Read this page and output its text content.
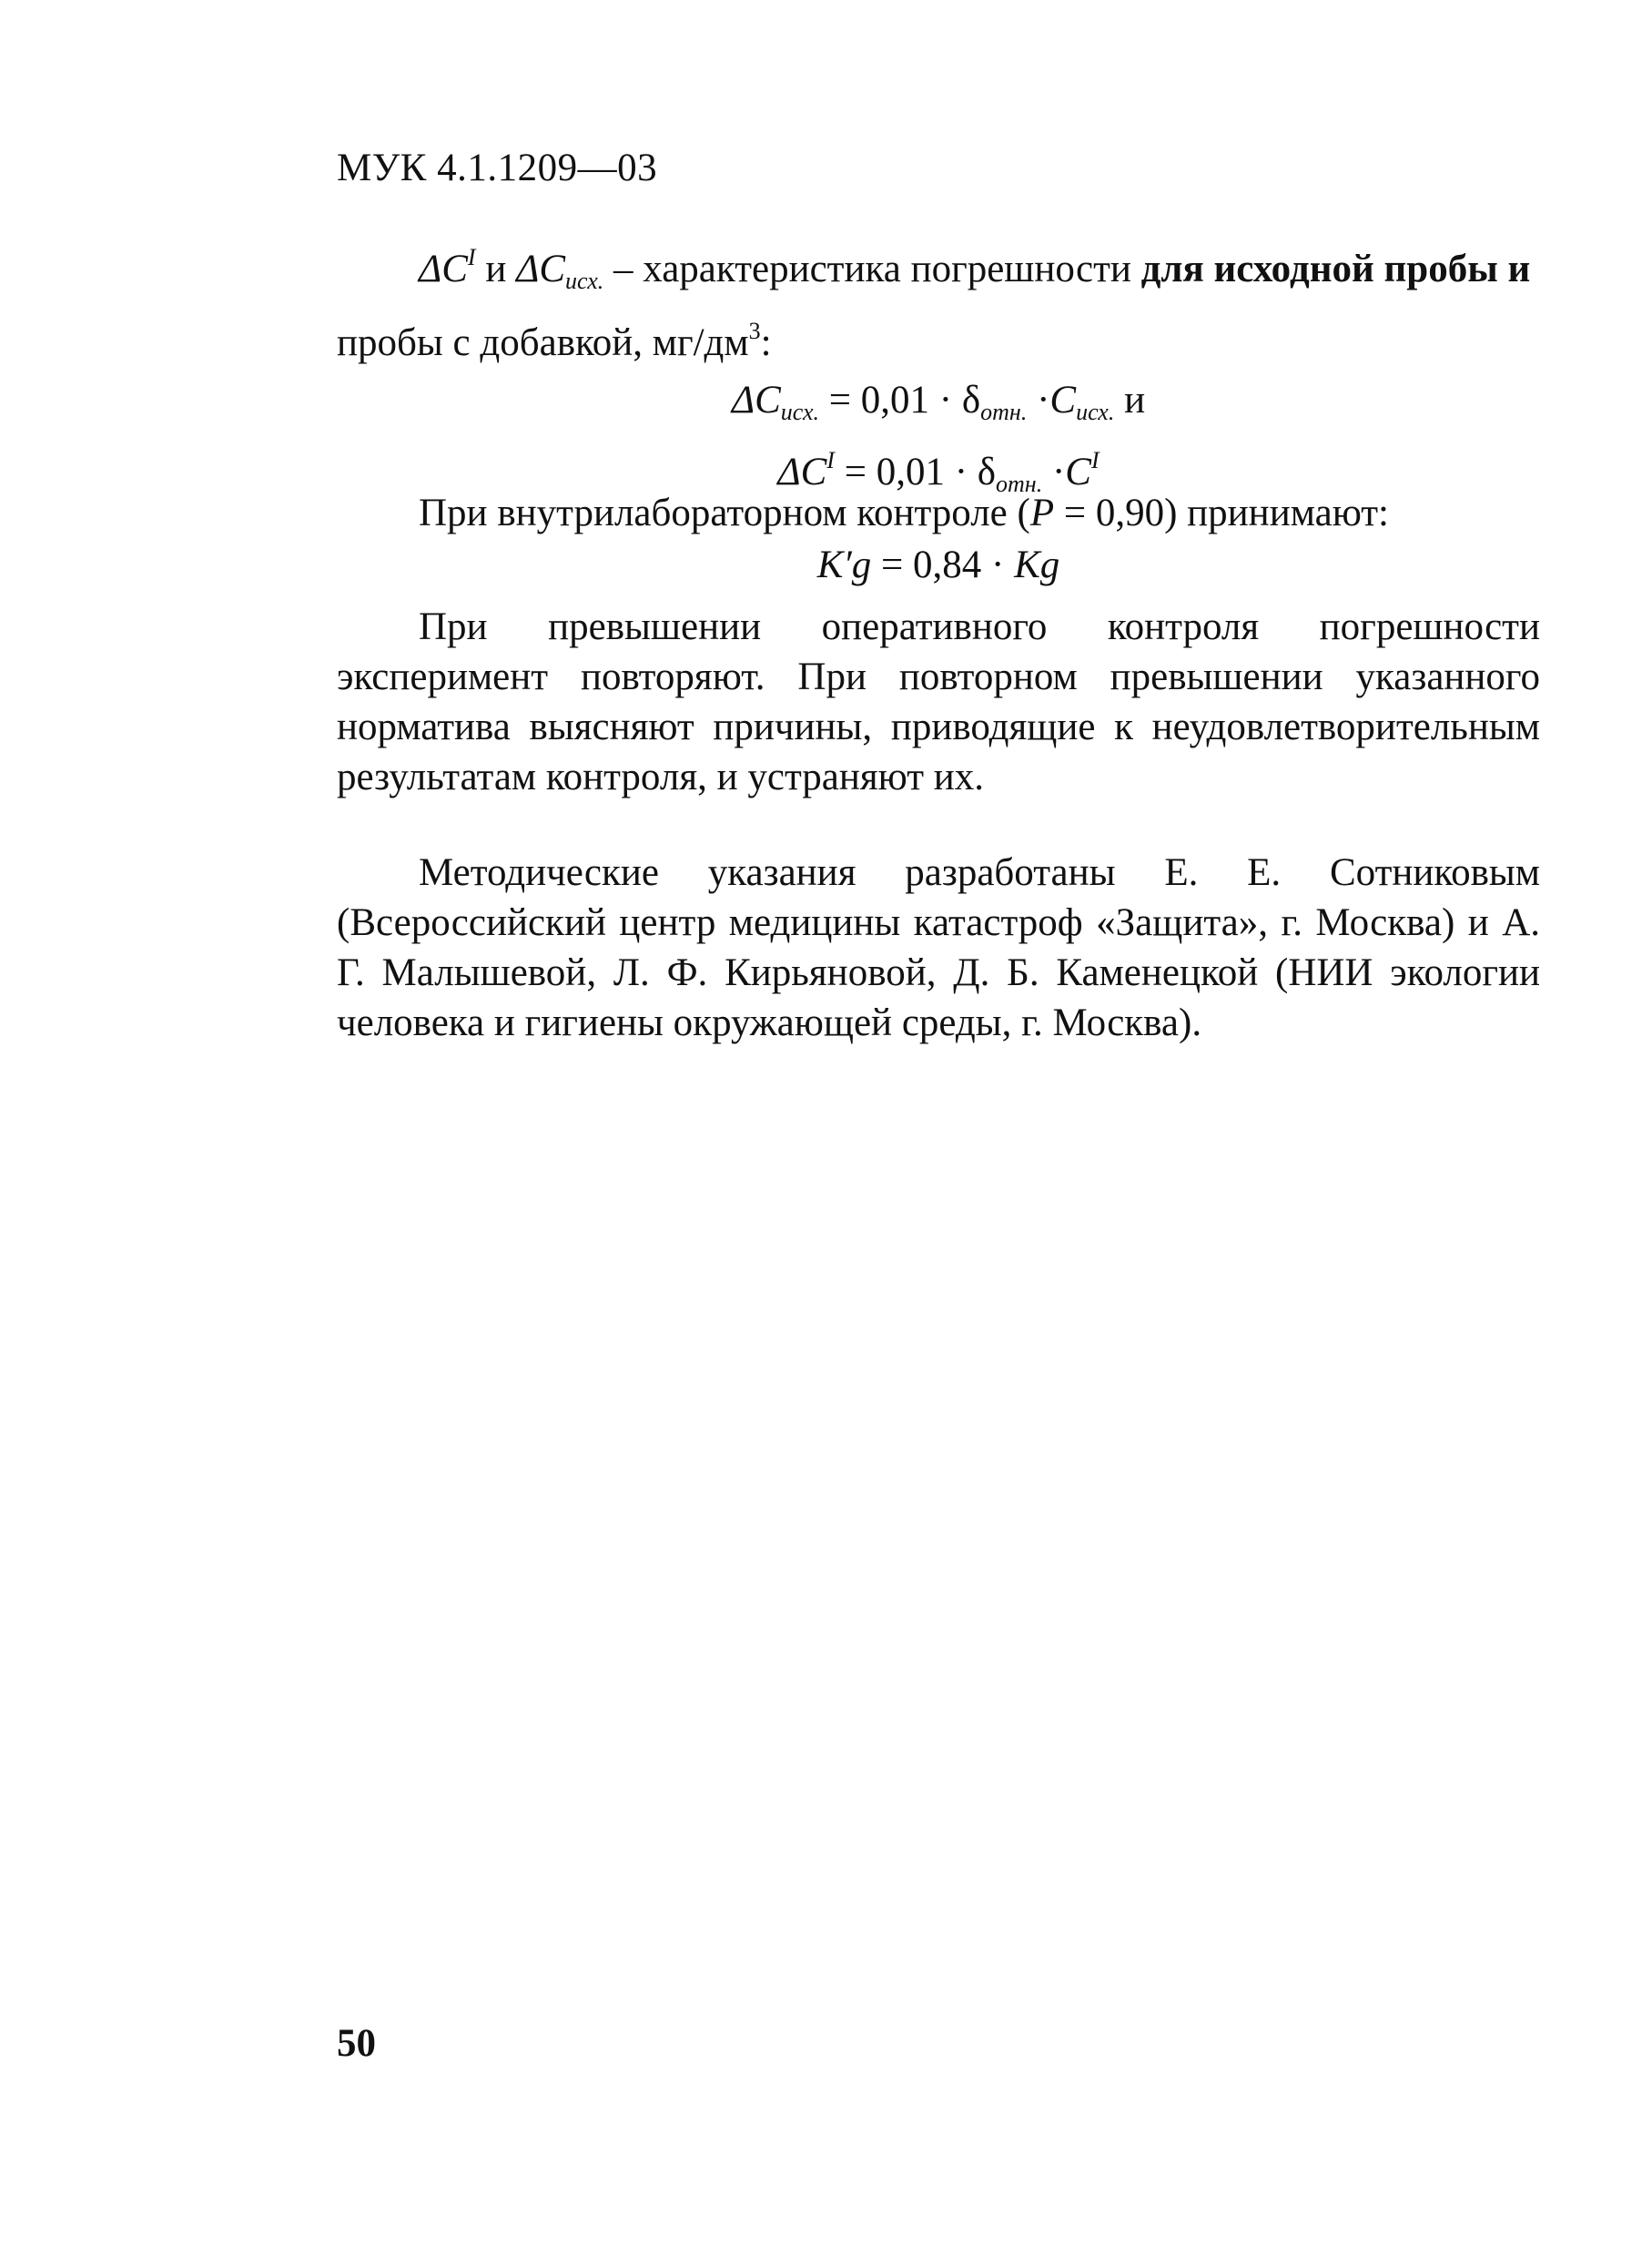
МУК 4.1.1209—03

$\Delta C^I$ и $\Delta C_{исх.}$ – характеристика погрешности для исходной пробы и
пробы с добавкой, $мг/дм^3$:

$\Delta C_{исх.} = 0,01 \cdot \delta_{отн.} \cdot C_{исх.}$ и

$\Delta C^I = 0,01 \cdot \delta_{отн.} \cdot C^I$

При внутрилабораторном контроле (P = 0,90) принимают:

K′g = 0,84 · Kg

При превышении оперативного контроля погрешности эксперимент повторяют. При повторном превышении указанного норматива выясняют причины, приводящие к неудовлетворительным результатам контроля, и устраняют их.

Методические указания разработаны Е. Е. Сотниковым (Всероссийский центр медицины катастроф «Защита», г. Москва) и А. Г. Малышевой, Л. Ф. Кирьяновой, Д. Б. Каменецкой (НИИ экологии человека и гигиены окружающей среды, г. Москва).

50
